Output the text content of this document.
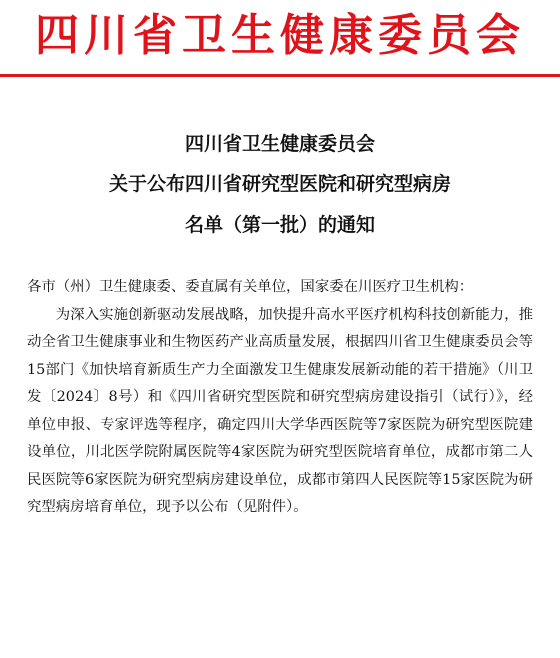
四川省卫生健康委员会
四川省卫生健康委员会
关于公布四川省研究型医院和研究型病房
名单（第一批）的通知

各市（州）卫生健康委、委直属有关单位，国家委在川医疗卫生机构：

为深入实施创新驱动发展战略，加快提升高水平医疗机构科技创新能力，推动全省卫生健康事业和生物医药产业高质量发展，根据四川省卫生健康委员会等15部门《加快培育新质生产力全面激发卫生健康发展新动能的若干措施》（川卫发〔2024〕8号）和《四川省研究型医院和研究型病房建设指引（试行）》，经单位申报、专家评选等程序，确定四川大学华西医院等7家医院为研究型医院建设单位，川北医学院附属医院等4家医院为研究型医院培育单位，成都市第二人民医院等6家医院为研究型病房建设单位，成都市第四人民医院等15家医院为研究型病房培育单位，现予以公布（见附件）。
